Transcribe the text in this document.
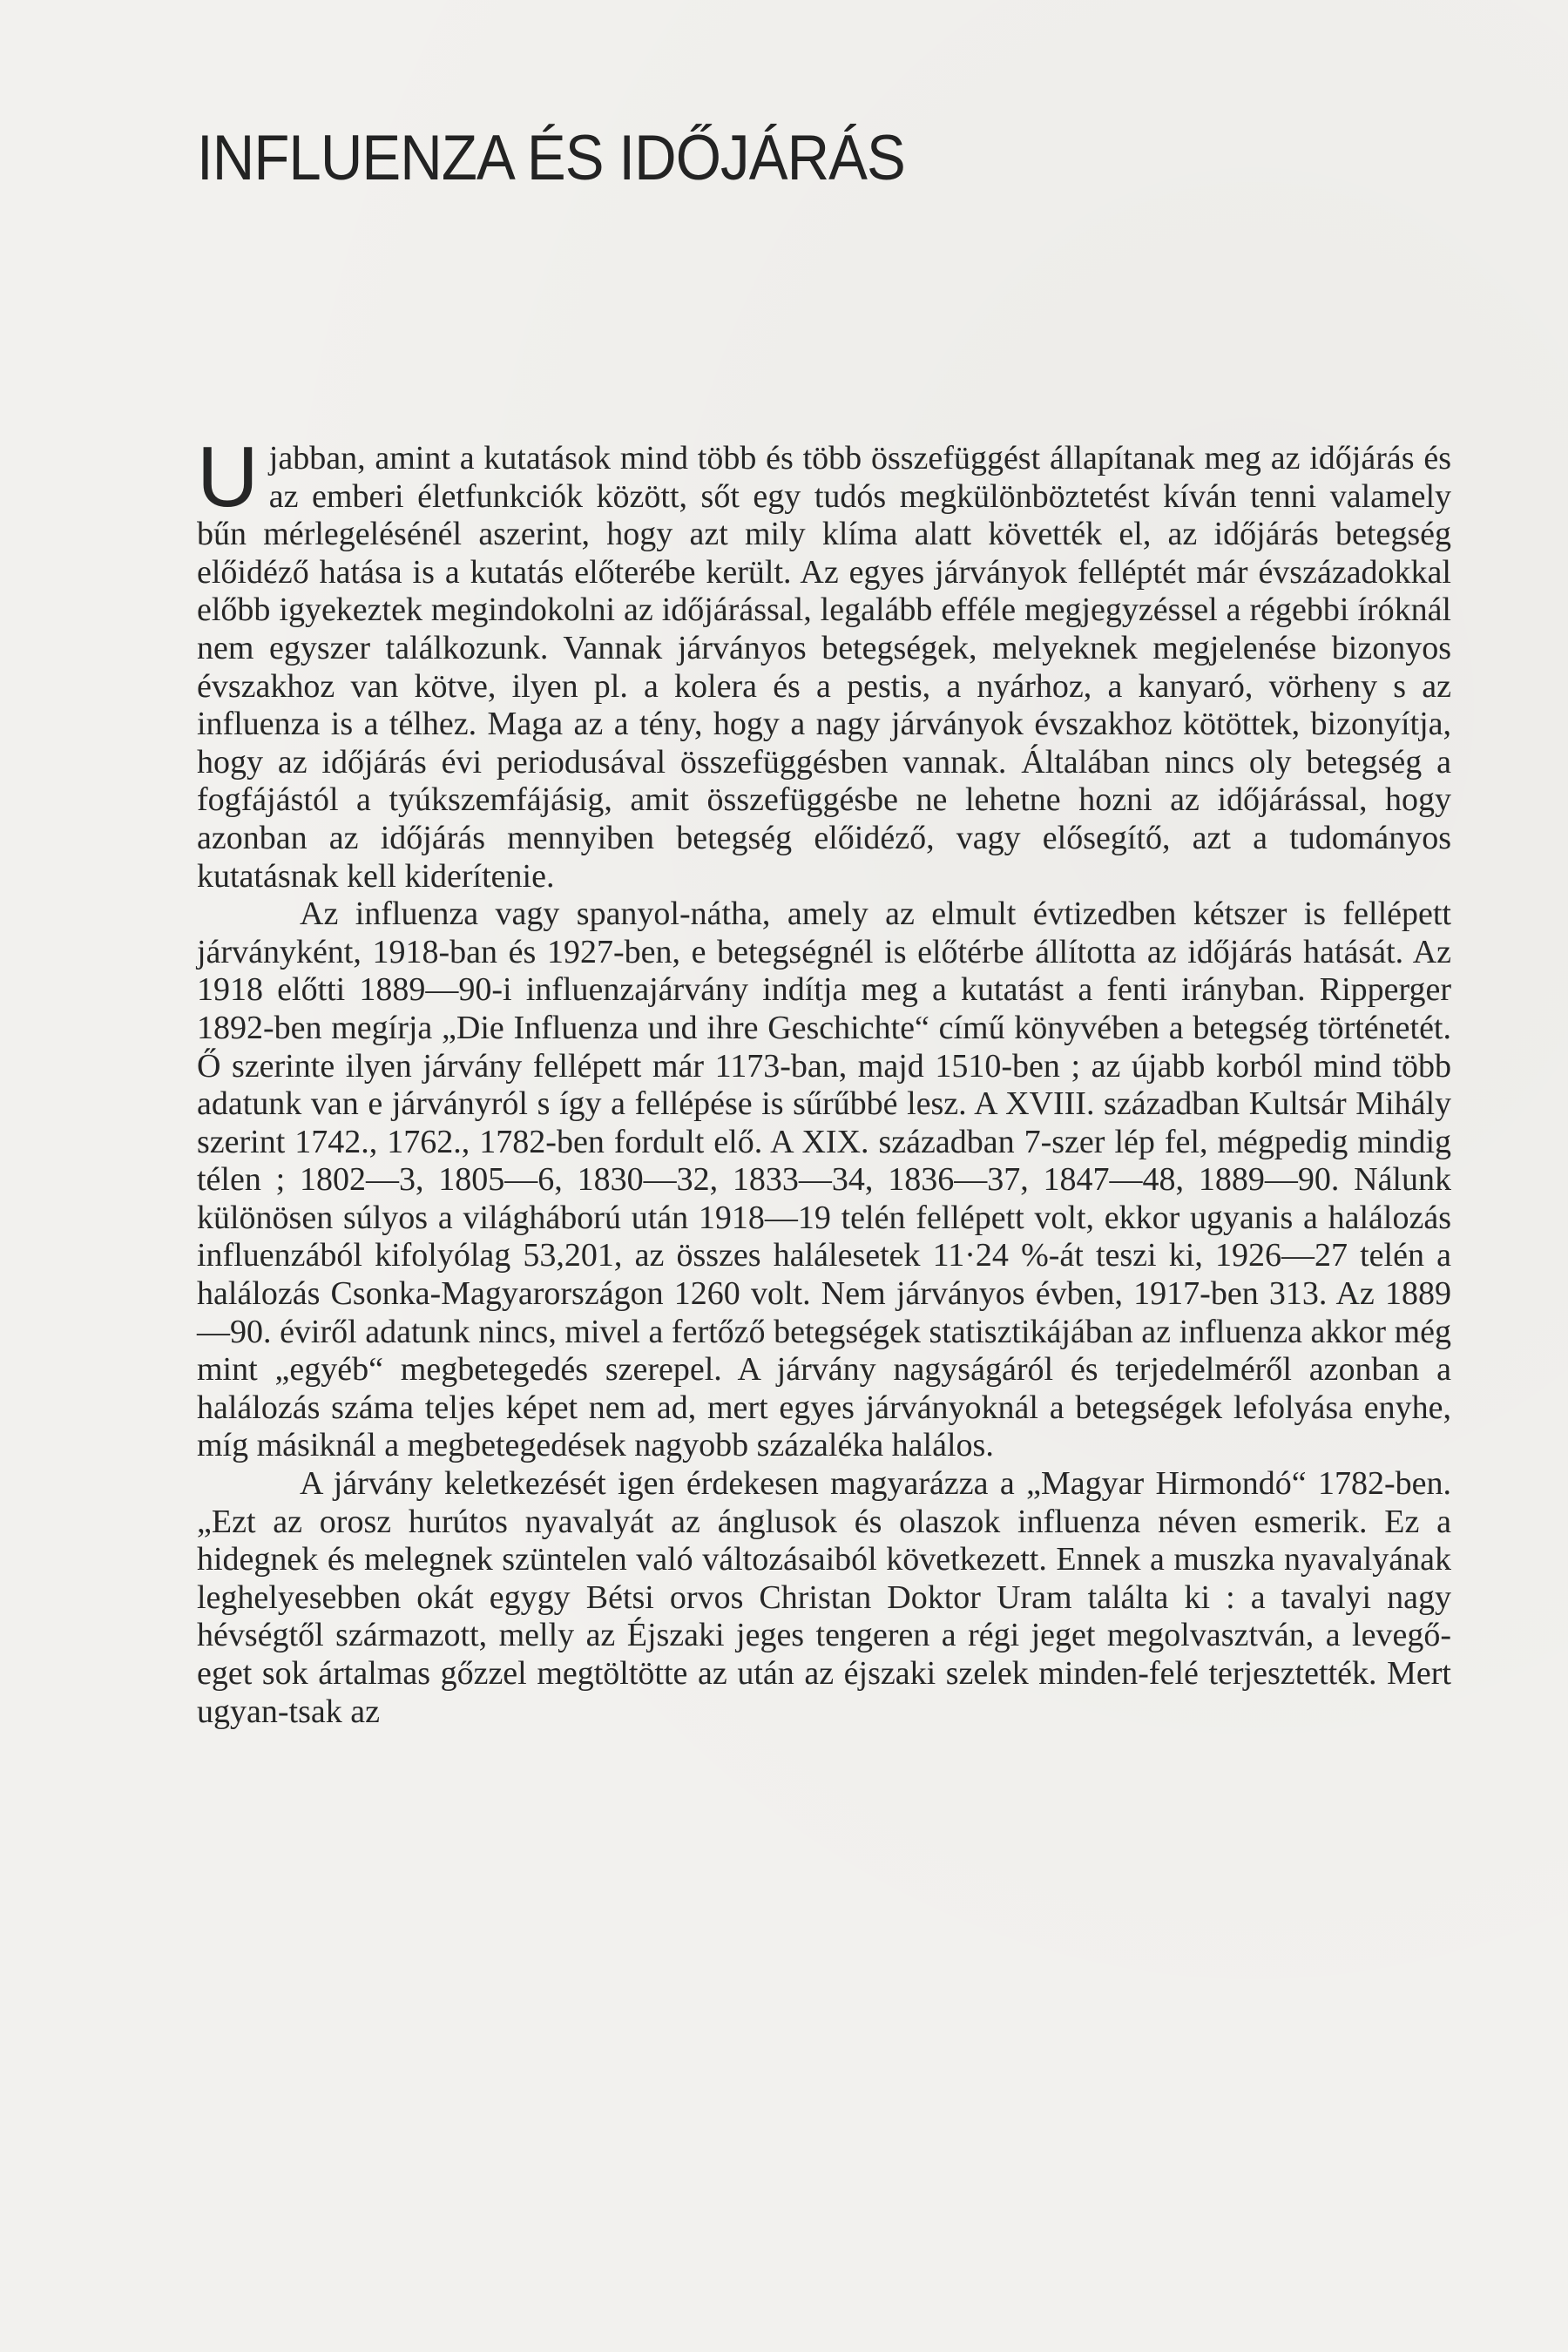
INFLUENZA ÉS IDŐJÁRÁS

Ujabban, amint a kutatások mind több és több összefüggést állapítanak meg az időjárás és az emberi életfunkciók között, sőt egy tudós megkülönböztetést kíván tenni valamely bűn mérlegelésénél aszerint, hogy azt mily klíma alatt követték el, az időjárás betegség előidéző hatása is a kutatás előterébe került. Az egyes járványok felléptét már évszázadokkal előbb igyekeztek megindokolni az időjárással, legalább efféle megjegyzéssel a régebbi íróknál nem egyszer találkozunk. Vannak járványos betegségek, melyeknek megjelenése bizonyos évszakhoz van kötve, ilyen pl. a kolera és a pestis, a nyárhoz, a kanyaró, vörheny s az influenza is a télhez. Maga az a tény, hogy a nagy járványok évszakhoz kötöttek, bizonyítja, hogy az időjárás évi periodusával összefüggésben vannak. Általában nincs oly betegség a fogfájástól a tyúkszemfájásig, amit összefüggésbe ne lehetne hozni az időjárással, hogy azonban az időjárás mennyiben betegség előidéző, vagy elősegítő, azt a tudományos kutatásnak kell kiderítenie.

Az influenza vagy spanyol-nátha, amely az elmult évtizedben kétszer is fellépett járványként, 1918-ban és 1927-ben, e betegségnél is előtérbe állította az időjárás hatását. Az 1918 előtti 1889—90-i influenzajárvány indítja meg a kutatást a fenti irányban. Ripperger 1892-ben megírja „Die Influenza und ihre Geschichte“ című könyvében a betegség történetét. Ő szerinte ilyen járvány fellépett már 1173-ban, majd 1510-ben ; az újabb korból mind több adatunk van e járványról s így a fellépése is sűrűbbé lesz. A XVIII. században Kultsár Mihály szerint 1742., 1762., 1782-ben fordult elő. A XIX. században 7-szer lép fel, mégpedig mindig télen ; 1802—3, 1805—6, 1830—32, 1833—34, 1836—37, 1847—48, 1889—90. Nálunk különösen súlyos a világháború után 1918—19 telén fellépett volt, ekkor ugyanis a halálozás influenzából kifolyólag 53,201, az összes halálesetek 11·24 %-át teszi ki, 1926—27 telén a halálozás Csonka-Magyarországon 1260 volt. Nem járványos évben, 1917-ben 313. Az 1889—90. éviről adatunk nincs, mivel a fertőző betegségek statisztikájában az influenza akkor még mint „egyéb“ megbetegedés szerepel. A járvány nagyságáról és terjedelméről azonban a halálozás száma teljes képet nem ad, mert egyes járványoknál a betegségek lefolyása enyhe, míg másiknál a megbetegedések nagyobb százaléka halálos.

A járvány keletkezését igen érdekesen magyarázza a „Magyar Hirmondó“ 1782-ben. „Ezt az orosz hurútos nyavalyát az ánglusok és olaszok influenza néven esmerik. Ez a hidegnek és melegnek szüntelen való változásaiból következett. Ennek a muszka nyavalyának leghelyesebben okát egygy Bétsi orvos Christan Doktor Uram találta ki : a tavalyi nagy hévségtől származott, melly az Éjszaki jeges tengeren a régi jeget megolvasztván, a levegő-eget sok ártalmas gőzzel megtöltötte az után az éjszaki szelek minden-felé terjesztették. Mert ugyan-tsak az
